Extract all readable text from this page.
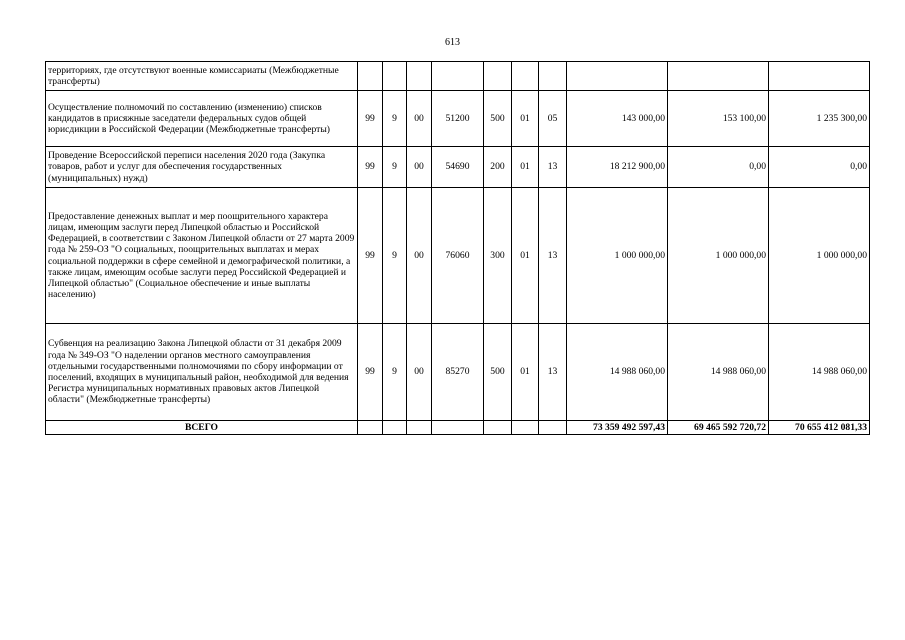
613
территориях, где отсутствуют военные комиссариаты (Межбюджетные трансферты)										
Осуществление полномочий по составлению (изменению) списков кандидатов в присяжные заседатели федеральных судов общей юрисдикции в Российской Федерации (Межбюджетные трансферты)	99	9	00	51200	500	01	05	143 000,00	153 100,00	1 235 300,00
Проведение Всероссийской переписи населения 2020 года (Закупка товаров, работ и услуг для обеспечения государственных (муниципальных) нужд)	99	9	00	54690	200	01	13	18 212 900,00	0,00	0,00
Предоставление денежных выплат и мер поощрительного характера лицам, имеющим заслуги перед Липецкой областью и Российской Федерацией, в соответствии с Законом Липецкой области от 27 марта 2009 года № 259-ОЗ "О социальных, поощрительных выплатах и мерах социальной поддержки в сфере семейной и демографической политики, а также лицам, имеющим особые заслуги перед Российской Федерацией и Липецкой областью" (Социальное обеспечение и иные выплаты населению)	99	9	00	76060	300	01	13	1 000 000,00	1 000 000,00	1 000 000,00
Субвенция на реализацию Закона Липецкой области от 31 декабря 2009 года № 349-ОЗ "О наделении органов местного самоуправления отдельными государственными полномочиями по сбору информации от поселений, входящих в муниципальный район, необходимой для ведения Регистра муниципальных нормативных правовых актов Липецкой области" (Межбюджетные трансферты)	99	9	00	85270	500	01	13	14 988 060,00	14 988 060,00	14 988 060,00
ВСЕГО								73 359 492 597,43	69 465 592 720,72	70 655 412 081,33
